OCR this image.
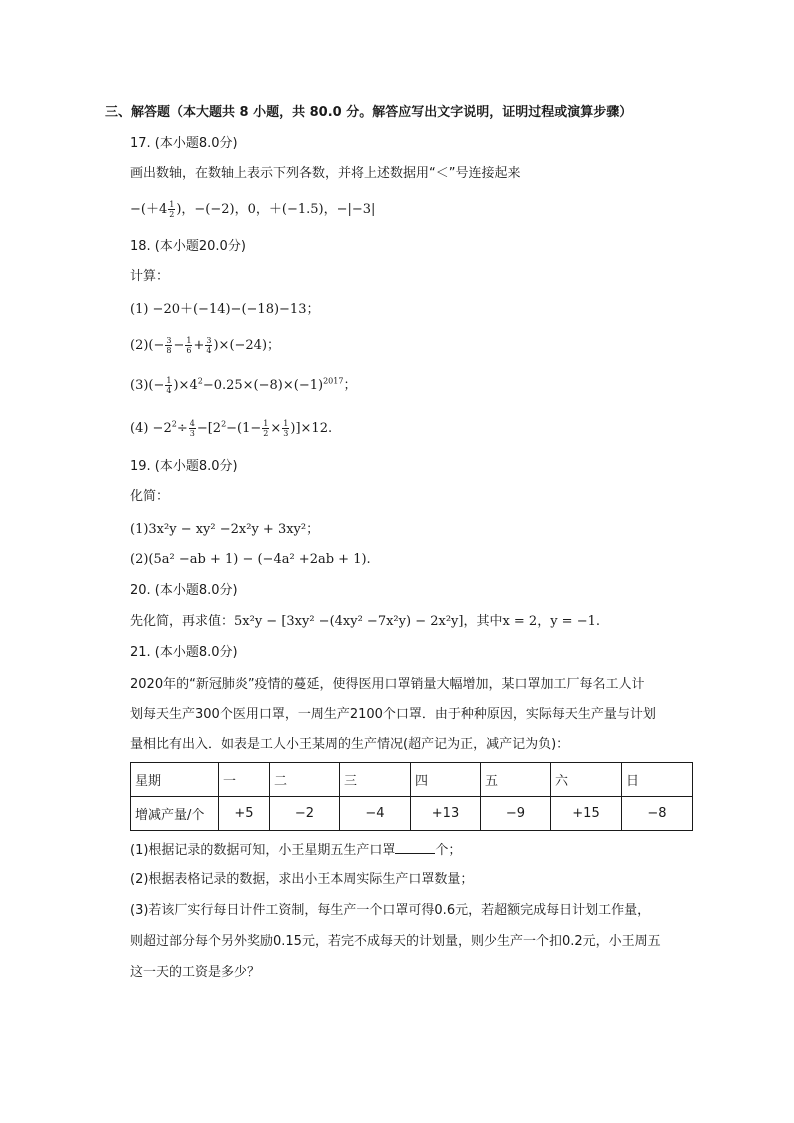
三、解答题（本大题共 8 小题，共 80.0 分。解答应写出文字说明，证明过程或演算步骤）
17. (本小题8.0分)
画出数轴，在数轴上表示下列各数，并将上述数据用“＜”号连接起来
$-(+4 \frac{1}{2}$ )，−(−2)，0，＋(−1.5)，−|−3|
18. (本小题20.0分)
计算：
(1) −20＋(−14)−(−18)−13；
$(2)(- \frac{3}{8} - \frac{1}{6} + \frac{3}{4} )\times(-24)$；
$(3)(- \frac{1}{4} )\times 4^2-0.25\times(-8)\times(-1)^{2017}$；
$(4) -2^2\div \frac{4}{3} -[2^2-(1- \frac{1}{2} \times \frac{1}{3} )]\times 12$.
19. (本小题8.0分)
化简：
(1)3x²y − xy² −2x²y + 3xy²；
(2)(5a² −ab + 1) − (−4a² +2ab + 1).
20. (本小题8.0分)
先化简，再求值：5x²y − [3xy² −(4xy² −7x²y) − 2x²y]，其中x = 2，y = −1.
21. (本小题8.0分)
2020年的“新冠肺炎”疫情的蔓延，使得医用口罩销量大幅增加，某口罩加工厂每名工人计
划每天生产300个医用口罩，一周生产2100个口罩．由于种种原因，实际每天生产量与计划
量相比有出入．如表是工人小王某周的生产情况(超产记为正，减产记为负)：
星期	一	二	三	四	五	六	日
增减产量/个	+5	−2	−4	+13	−9	+15	−8
(1)根据记录的数据可知，小王星期五生产口罩	个；
(2)根据表格记录的数据，求出小王本周实际生产口罩数量；
(3)若该厂实行每日计件工资制，每生产一个口罩可得0.6元，若超额完成每日计划工作量，
则超过部分每个另外奖励0.15元，若完不成每天的计划量，则少生产一个扣0.2元，小王周五
这一天的工资是多少？
